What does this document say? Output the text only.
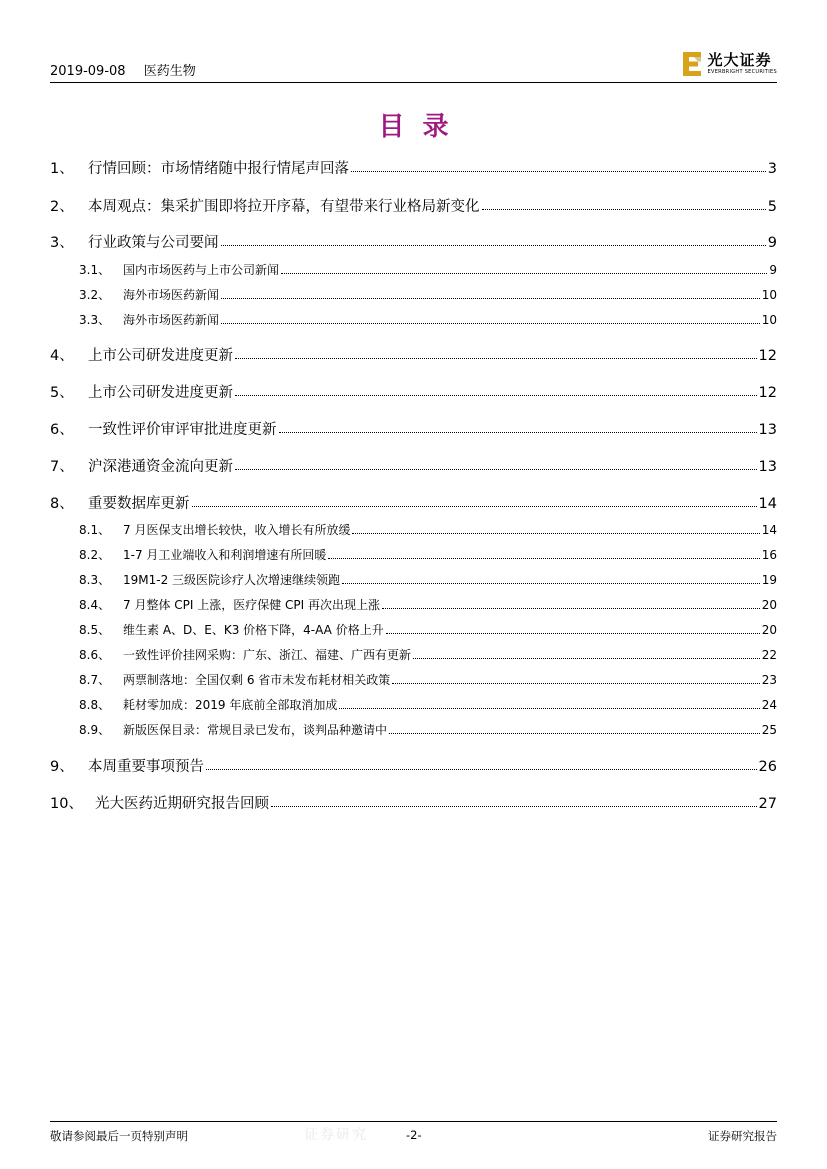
2019-09-08 医药生物
光大证券
EVERBRIGHT SECURITIES
目录
1、 行情回顾：市场情绪随中报行情尾声回落	3
2、 本周观点：集采扩围即将拉开序幕，有望带来行业格局新变化	5
3、 行业政策与公司要闻	9
3.1、	国内市场医药与上市公司新闻	9
3.2、	海外市场医药新闻	10
3.3、	海外市场医药新闻	10
4、 上市公司研发进度更新	12
5、 上市公司研发进度更新	12
6、 一致性评价审评审批进度更新	13
7、 沪深港通资金流向更新	13
8、 重要数据库更新	14
8.1、	7 月医保支出增长较快，收入增长有所放缓	14
8.2、	1-7 月工业端收入和利润增速有所回暖	16
8.3、	19M1-2 三级医院诊疗人次增速继续领跑	19
8.4、	7 月整体 CPI 上涨，医疗保健 CPI 再次出现上涨	20
8.5、	维生素 A、D、E、K3 价格下降，4-AA 价格上升	20
8.6、	一致性评价挂网采购：广东、浙江、福建、广西有更新	22
8.7、	两票制落地：全国仅剩 6 省市未发布耗材相关政策	23
8.8、	耗材零加成：2019 年底前全部取消加成	24
8.9、	新版医保目录：常规目录已发布，谈判品种邀请中	25
9、 本周重要事项预告	26
10、 光大医药近期研究报告回顾	27
证券研究
敬请参阅最后一页特别声明	-2-	证券研究报告
